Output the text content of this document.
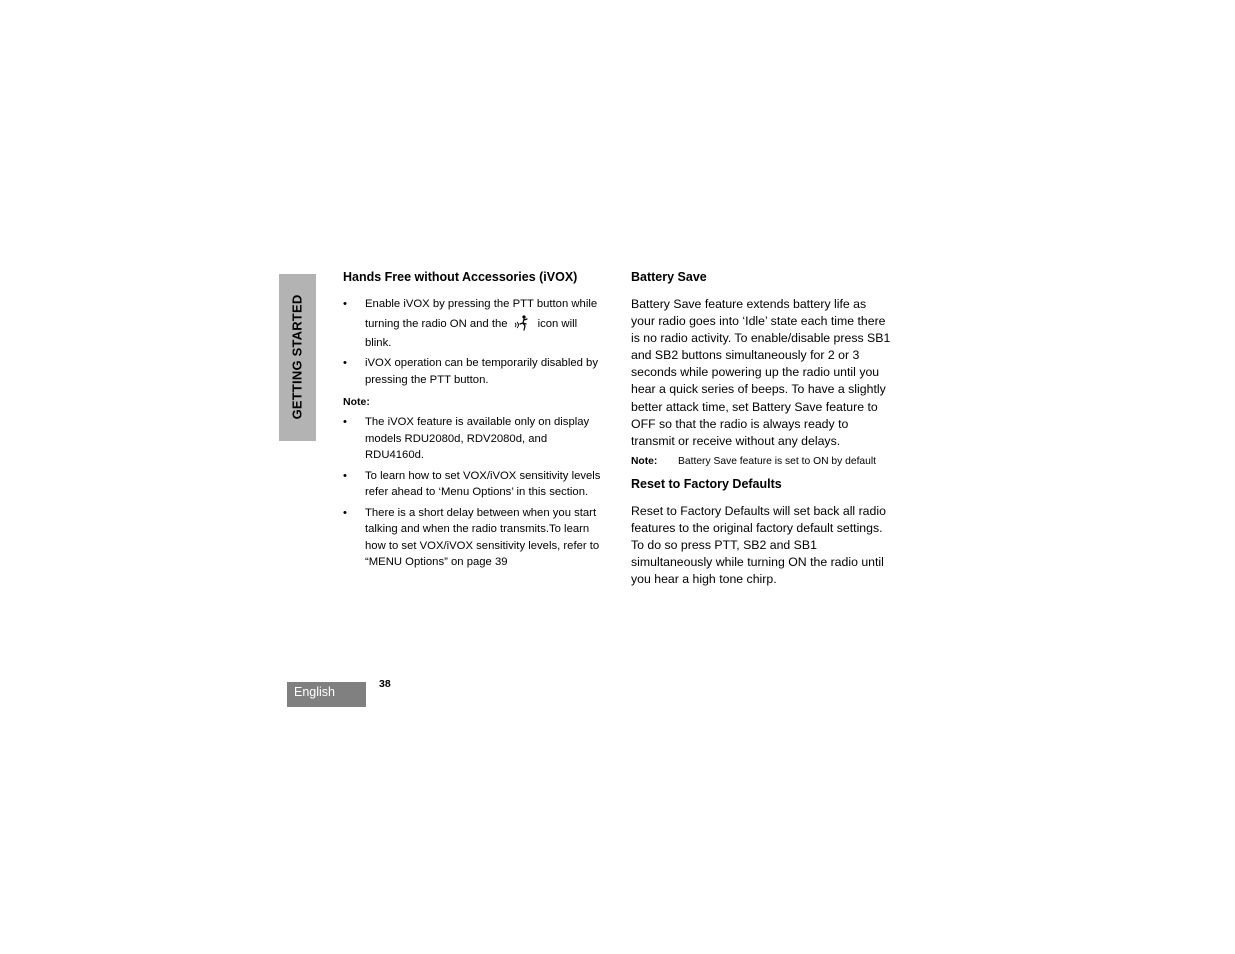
GETTING STARTED
Hands Free without Accessories (iVOX)
• Enable iVOX by pressing the PTT button while
turning the radio ON and the	icon will
blink.
• iVOX operation can be temporarily disabled by pressing the PTT button.
Note:
• The iVOX feature is available only on display models RDU2080d, RDV2080d, and RDU4160d.
• To learn how to set VOX/iVOX sensitivity levels refer ahead to ‘Menu Options’ in this section.
• There is a short delay between when you start talking and when the radio transmits.To learn how to set VOX/iVOX sensitivity levels, refer to “MENU Options” on page 39
Battery Save

Battery Save feature extends battery life as your radio goes into ‘Idle’ state each time there is no radio activity. To enable/disable press SB1 and SB2 buttons simultaneously for 2 or 3 seconds while powering up the radio until you hear a quick series of beeps. To have a slightly better attack time, set Battery Save feature to OFF so that the radio is always ready to transmit or receive without any delays.

Note: Battery Save feature is set to ON by default
Reset to Factory Defaults

Reset to Factory Defaults will set back all radio features to the original factory default settings. To do so press PTT, SB2 and SB1 simultaneously while turning ON the radio until you hear a high tone chirp.

English
38
